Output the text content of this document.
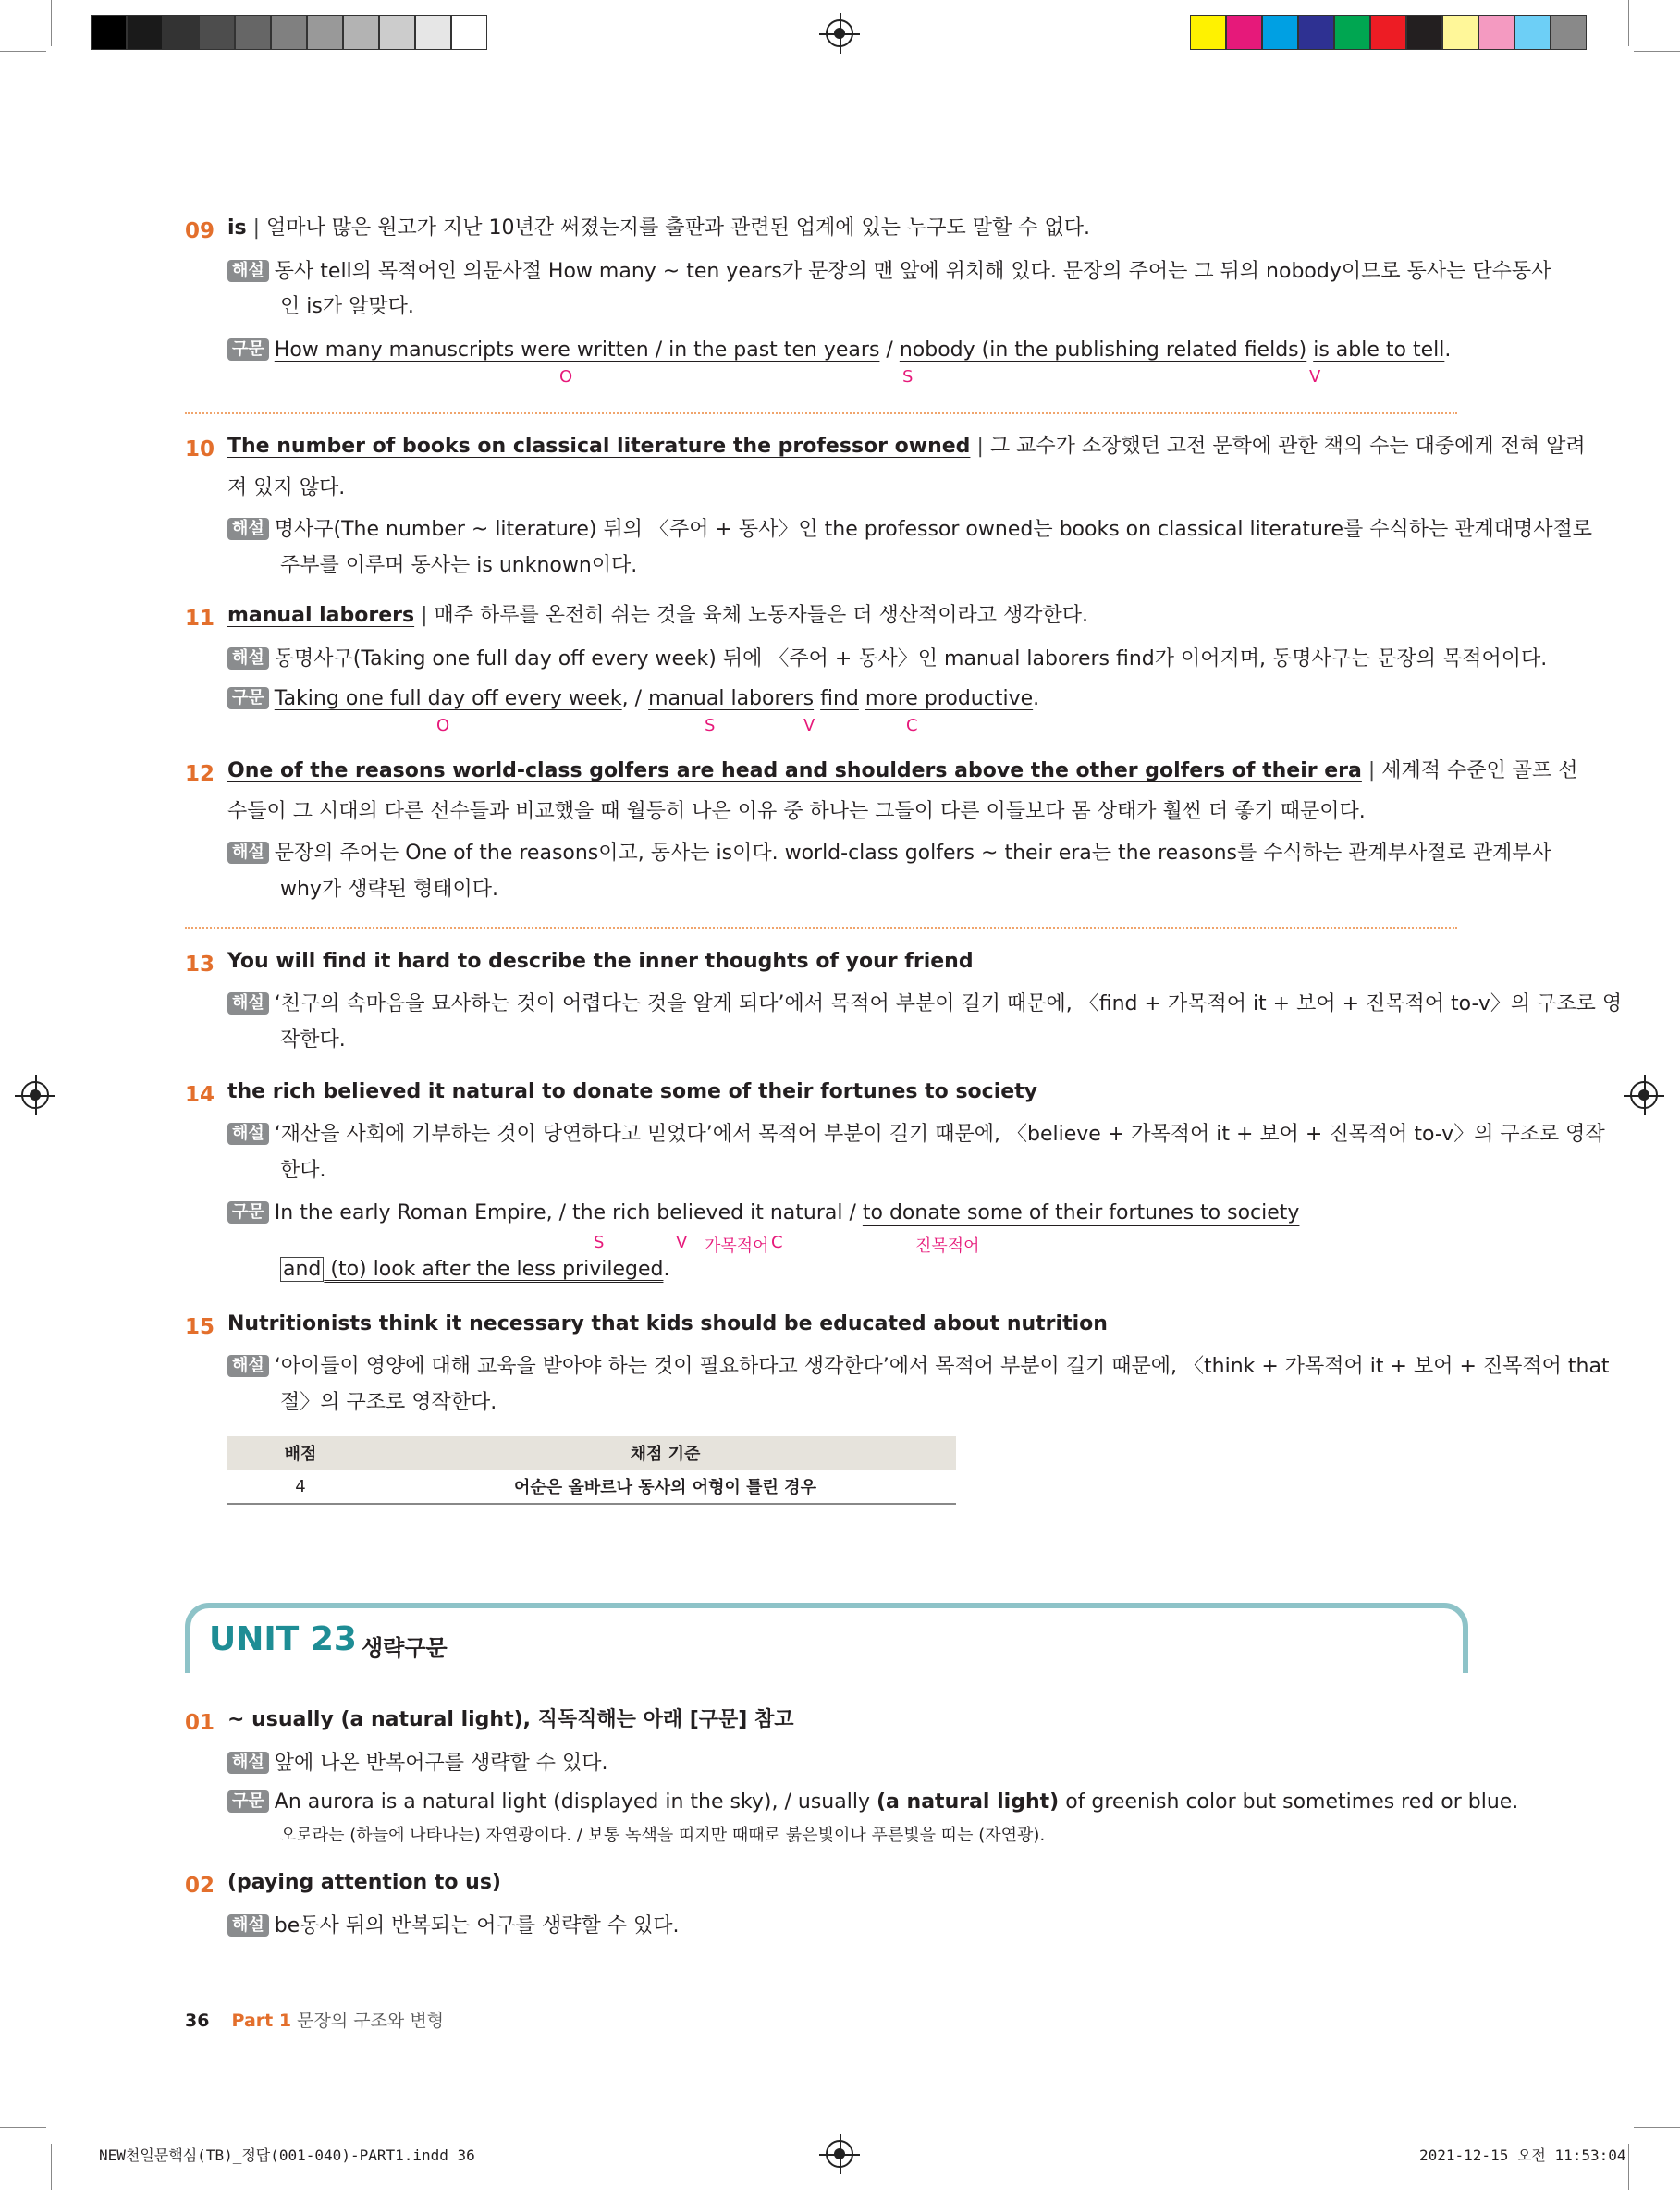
09 is | 얼마나 많은 원고가 지난 10년간 써졌는지를 출판과 관련된 업계에 있는 누구도 말할 수 없다.
해설 동사 tell의 목적어인 의문사절 How many ~ ten years가 문장의 맨 앞에 위치해 있다. 문장의 주어는 그 뒤의 nobody이므로 동사는 단수동사
인 is가 알맞다.
구문 How many manuscripts were written / in the past ten years / nobody (in the publishing related fields) is able to tell.
O	S	V
10 The number of books on classical literature the professor owned | 그 교수가 소장했던 고전 문학에 관한 책의 수는 대중에게 전혀 알려
져 있지 않다.
해설 명사구(The number ~ literature) 뒤의 〈주어 + 동사〉인 the professor owned는 books on classical literature를 수식하는 관계대명사절로
주부를 이루며 동사는 is unknown이다.
11 manual laborers | 매주 하루를 온전히 쉬는 것을 육체 노동자들은 더 생산적이라고 생각한다.
해설 동명사구(Taking one full day off every week) 뒤에 〈주어 + 동사〉인 manual laborers find가 이어지며, 동명사구는 문장의 목적어이다.
구문 Taking one full day off every week, / manual laborers find more productive.
O	S	V	C
12 One of the reasons world-class golfers are head and shoulders above the other golfers of their era | 세계적 수준인 골프 선
수들이 그 시대의 다른 선수들과 비교했을 때 월등히 나은 이유 중 하나는 그들이 다른 이들보다 몸 상태가 훨씬 더 좋기 때문이다.
해설 문장의 주어는 One of the reasons이고, 동사는 is이다. world-class golfers ~ their era는 the reasons를 수식하는 관계부사절로 관계부사
why가 생략된 형태이다.
13 You will find it hard to describe the inner thoughts of your friend
해설 ‘친구의 속마음을 묘사하는 것이 어렵다는 것을 알게 되다’에서 목적어 부분이 길기 때문에, 〈find + 가목적어 it + 보어 + 진목적어 to-v〉의 구조로 영
작한다.
14 the rich believed it natural to donate some of their fortunes to society
해설 ‘재산을 사회에 기부하는 것이 당연하다고 믿었다’에서 목적어 부분이 길기 때문에, 〈believe + 가목적어 it + 보어 + 진목적어 to-v〉의 구조로 영작
한다.
구문 In the early Roman Empire, / the rich believed it natural / to donate some of their fortunes to society
S	V 가목적어 C	진목적어
and (to) look after the less privileged.
15 Nutritionists think it necessary that kids should be educated about nutrition
해설 ‘아이들이 영양에 대해 교육을 받아야 하는 것이 필요하다고 생각한다’에서 목적어 부분이 길기 때문에, 〈think + 가목적어 it + 보어 + 진목적어 that
절〉의 구조로 영작한다.
배점	채점 기준
4	어순은 올바르나 동사의 어형이 틀린 경우
UNIT 23 생략구문
01 ~ usually (a natural light), 직독직해는 아래 [구문] 참고
해설 앞에 나온 반복어구를 생략할 수 있다.
구문 An aurora is a natural light (displayed in the sky), / usually (a natural light) of greenish color but sometimes red or blue.
오로라는 (하늘에 나타나는) 자연광이다. / 보통 녹색을 띠지만 때때로 붉은빛이나 푸른빛을 띠는 (자연광).
02 (paying attention to us)
해설 be동사 뒤의 반복되는 어구를 생략할 수 있다.
36 Part 1 문장의 구조와 변형
NEW천일문핵심(TB)_정답(001-040)-PART1.indd 36	2021-12-15 오전 11:53:04
